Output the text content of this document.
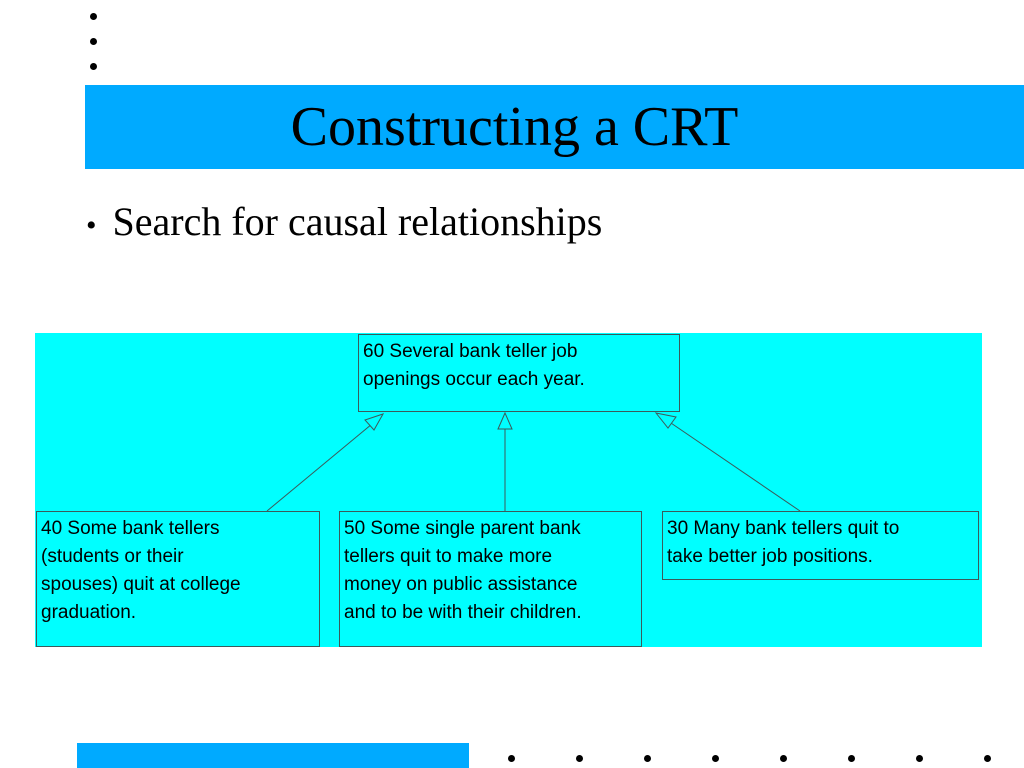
Constructing a CRT
• Search for causal relationships
60 Several bank teller job
openings occur each year.
40 Some bank tellers
(students or their
spouses) quit at college
graduation.
50 Some single parent bank
tellers quit to make more
money on public assistance
and to be with their children.
30 Many bank tellers quit to
take better job positions.
